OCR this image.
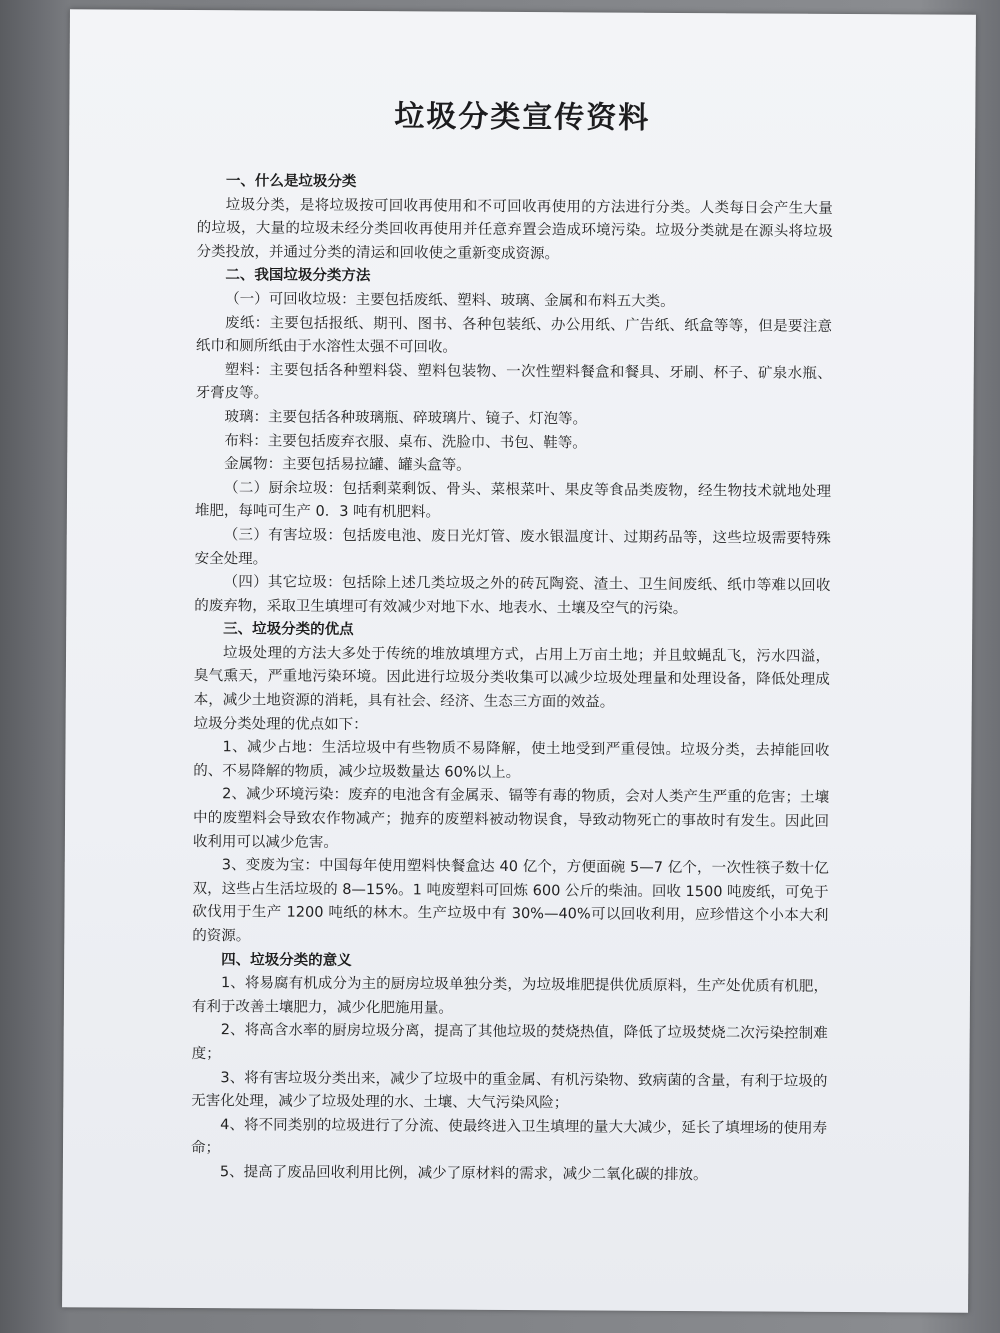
垃圾分类宣传资料

一、什么是垃圾分类

垃圾分类，是将垃圾按可回收再使用和不可回收再使用的方法进行分类。人类每日会产生大量的垃圾，大量的垃圾未经分类回收再使用并任意弃置会造成环境污染。垃圾分类就是在源头将垃圾分类投放，并通过分类的清运和回收使之重新变成资源。

二、我国垃圾分类方法

（一）可回收垃圾：主要包括废纸、塑料、玻璃、金属和布料五大类。

废纸：主要包括报纸、期刊、图书、各种包装纸、办公用纸、广告纸、纸盒等等，但是要注意纸巾和厕所纸由于水溶性太强不可回收。

塑料：主要包括各种塑料袋、塑料包装物、一次性塑料餐盒和餐具、牙刷、杯子、矿泉水瓶、牙膏皮等。

玻璃：主要包括各种玻璃瓶、碎玻璃片、镜子、灯泡等。

布料：主要包括废弃衣服、桌布、洗脸巾、书包、鞋等。

金属物：主要包括易拉罐、罐头盒等。

（二）厨余垃圾：包括剩菜剩饭、骨头、菜根菜叶、果皮等食品类废物，经生物技术就地处理堆肥，每吨可生产 0．3 吨有机肥料。

（三）有害垃圾：包括废电池、废日光灯管、废水银温度计、过期药品等，这些垃圾需要特殊安全处理。

（四）其它垃圾：包括除上述几类垃圾之外的砖瓦陶瓷、渣土、卫生间废纸、纸巾等难以回收的废弃物，采取卫生填埋可有效减少对地下水、地表水、土壤及空气的污染。

三、垃圾分类的优点

垃圾处理的方法大多处于传统的堆放填埋方式，占用上万亩土地；并且蚊蝇乱飞，污水四溢，臭气熏天，严重地污染环境。因此进行垃圾分类收集可以减少垃圾处理量和处理设备，降低处理成本，减少土地资源的消耗，具有社会、经济、生态三方面的效益。

垃圾分类处理的优点如下：

1、减少占地：生活垃圾中有些物质不易降解，使土地受到严重侵蚀。垃圾分类，去掉能回收的、不易降解的物质，减少垃圾数量达 60%以上。

2、减少环境污染：废弃的电池含有金属汞、镉等有毒的物质，会对人类产生严重的危害；土壤中的废塑料会导致农作物减产；抛弃的废塑料被动物误食，导致动物死亡的事故时有发生。因此回收利用可以减少危害。

3、变废为宝：中国每年使用塑料快餐盒达 40 亿个，方便面碗 5—7 亿个，一次性筷子数十亿双，这些占生活垃圾的 8—15%。1 吨废塑料可回炼 600 公斤的柴油。回收 1500 吨废纸，可免于砍伐用于生产 1200 吨纸的林木。生产垃圾中有 30%—40%可以回收利用，应珍惜这个小本大利的资源。

四、垃圾分类的意义

1、将易腐有机成分为主的厨房垃圾单独分类，为垃圾堆肥提供优质原料，生产处优质有机肥，有利于改善土壤肥力，减少化肥施用量。

2、将高含水率的厨房垃圾分离，提高了其他垃圾的焚烧热值，降低了垃圾焚烧二次污染控制难度；

3、将有害垃圾分类出来，减少了垃圾中的重金属、有机污染物、致病菌的含量，有利于垃圾的无害化处理，减少了垃圾处理的水、土壤、大气污染风险；

4、将不同类别的垃圾进行了分流、使最终进入卫生填埋的量大大减少，延长了填埋场的使用寿命；

5、提高了废品回收利用比例，减少了原材料的需求，减少二氧化碳的排放。
